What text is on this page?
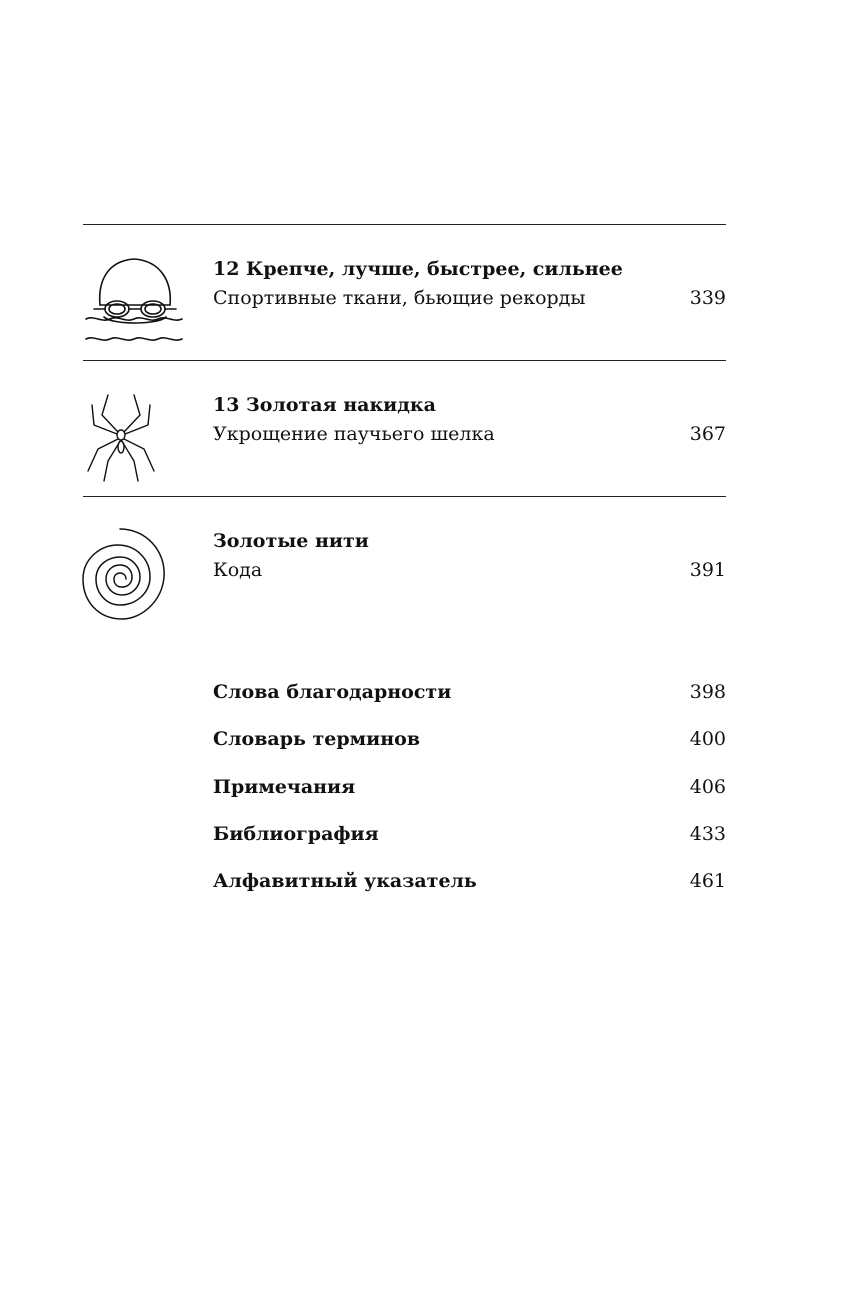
12 Крепче, лучше, быстрее, сильнее
Спортивные ткани, бьющие рекорды	339
13 Золотая накидка
Укрощение паучьего шелка	367
Золотые нити
Кода	391
Слова благодарности	398
Словарь терминов	400
Примечания	406
Библиография	433
Алфавитный указатель	461
